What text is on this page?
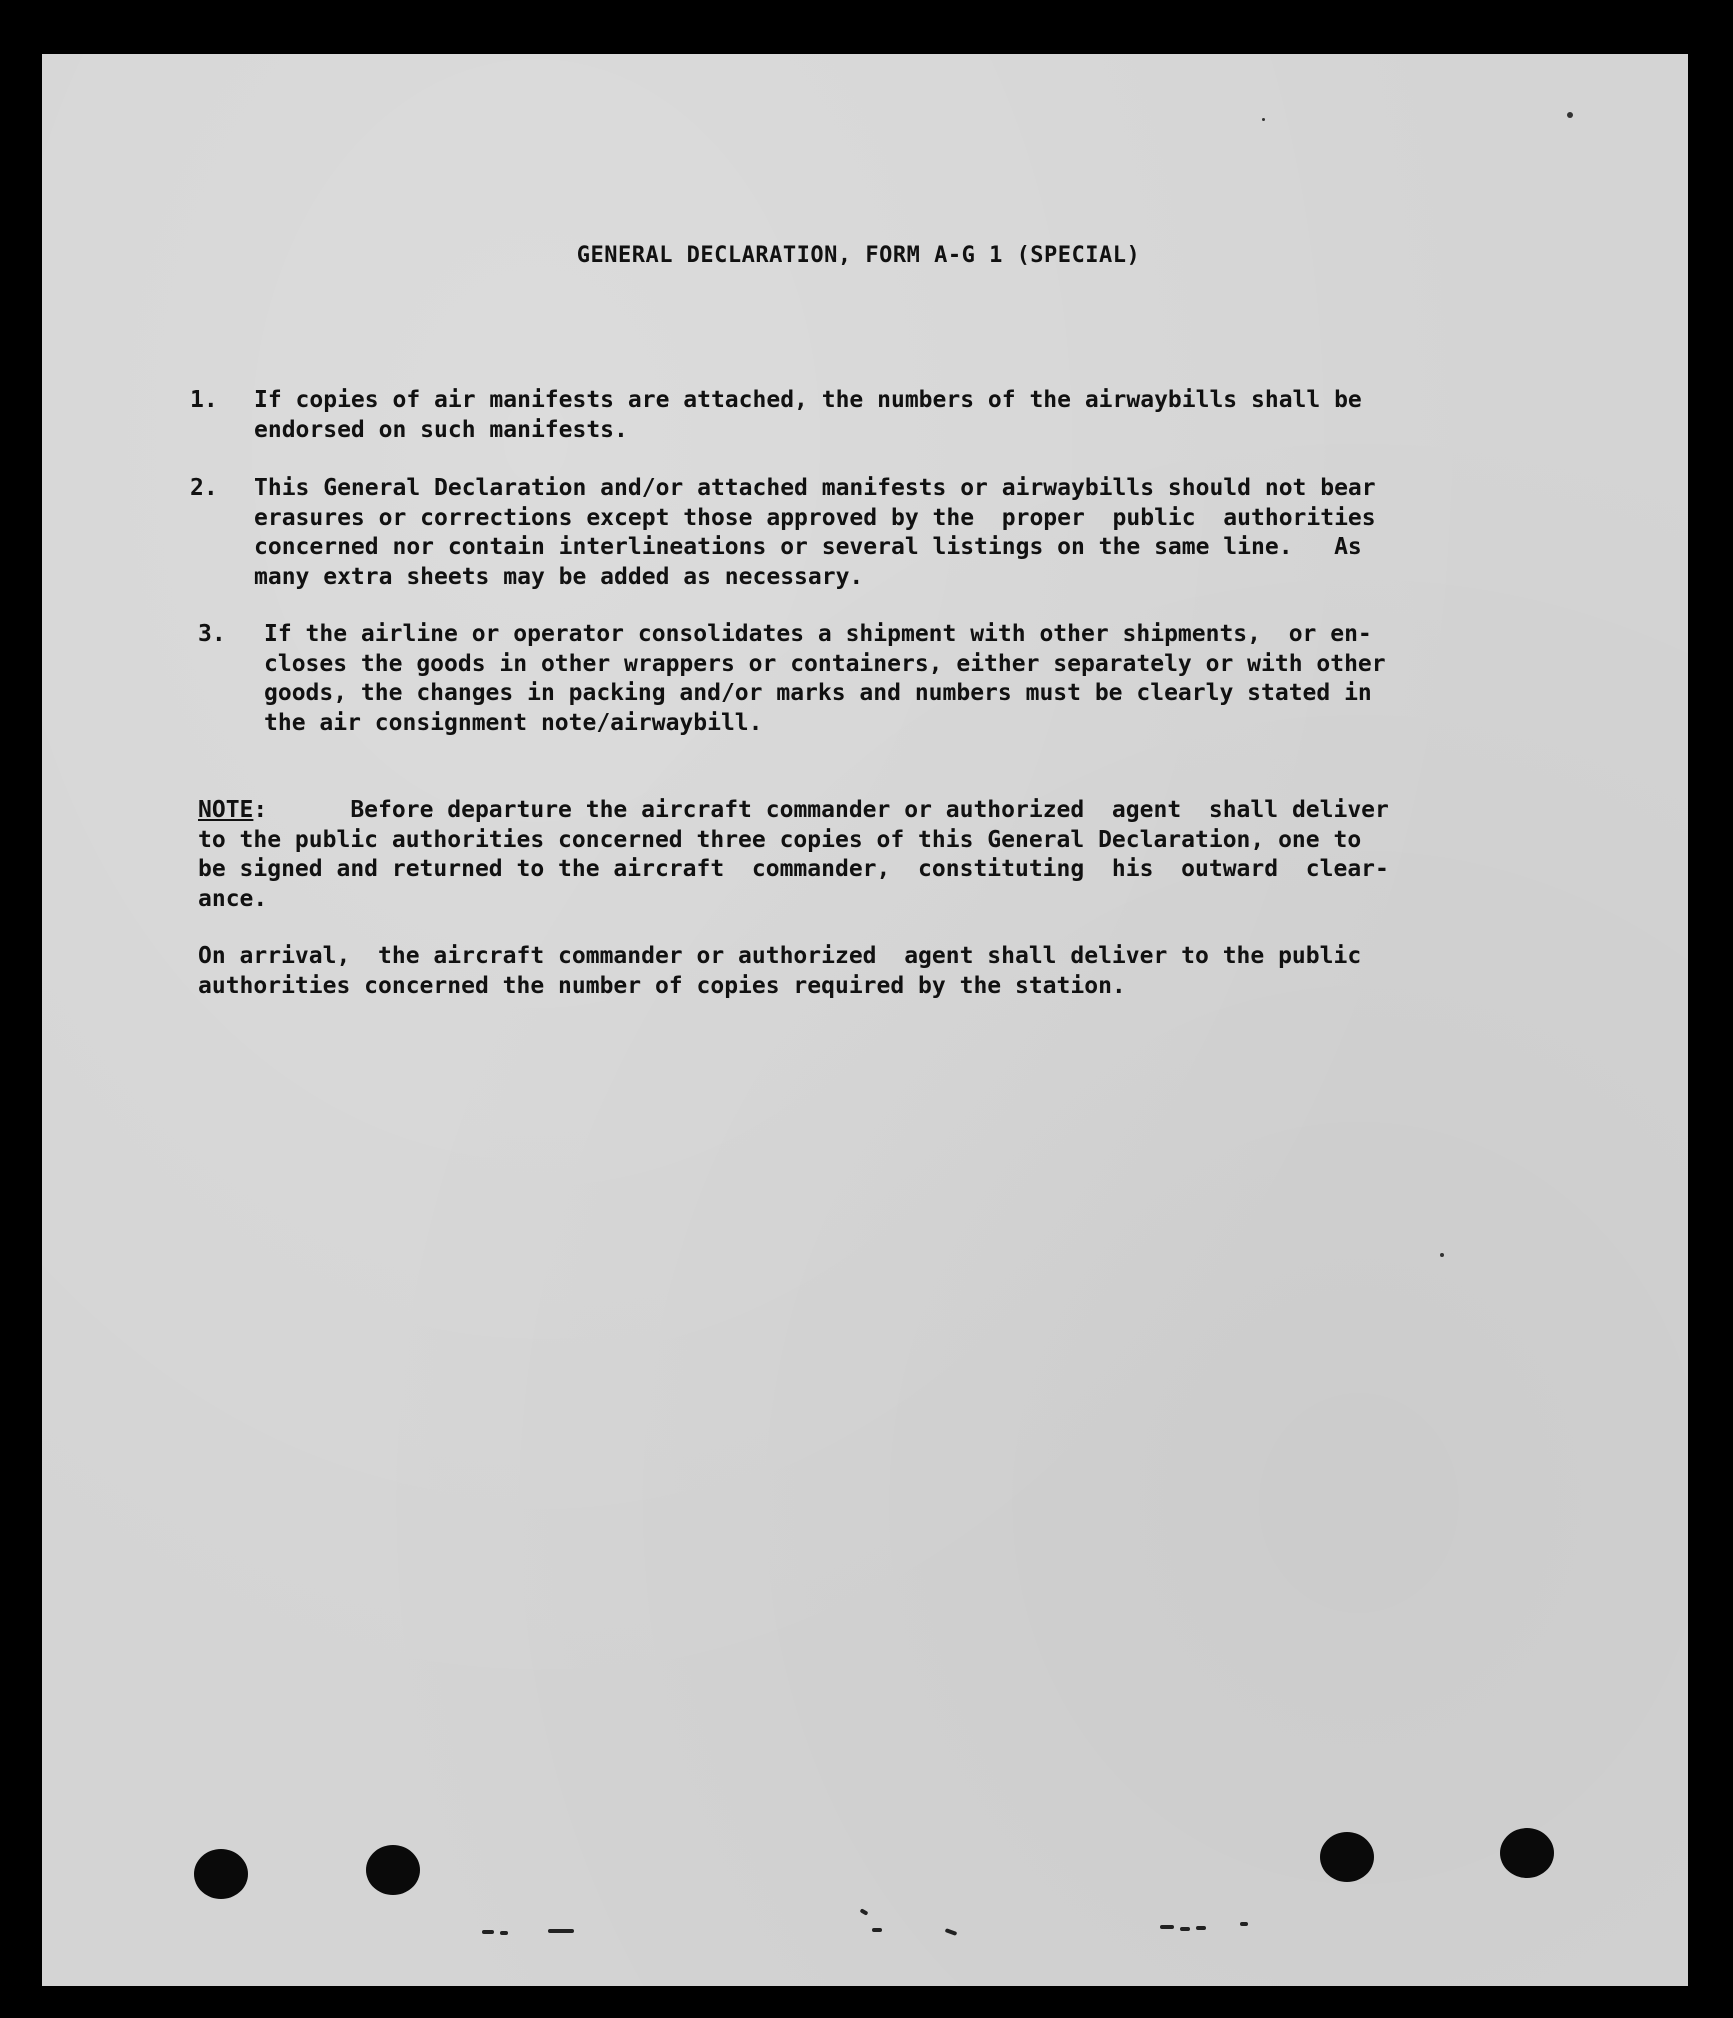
GENERAL DECLARATION, FORM A-G 1 (SPECIAL)
1.	If copies of air manifests are attached, the numbers of the airwaybills shall be
endorsed on such manifests.
2.	This General Declaration and/or attached manifests or airwaybills should not bear
erasures or corrections except those approved by the  proper  public  authorities
concerned nor contain interlineations or several listings on the same line.   As
many extra sheets may be added as necessary.
3.	If the airline or operator consolidates a shipment with other shipments,  or en-
closes the goods in other wrappers or containers, either separately or with other
goods, the changes in packing and/or marks and numbers must be clearly stated in
the air consignment note/airwaybill.
NOTE:      Before departure the aircraft commander or authorized  agent  shall deliver
to the public authorities concerned three copies of this General Declaration, one to
be signed and returned to the aircraft  commander,  constituting  his  outward  clear-
ance.
On arrival,  the aircraft commander or authorized  agent shall deliver to the public
authorities concerned the number of copies required by the station.
